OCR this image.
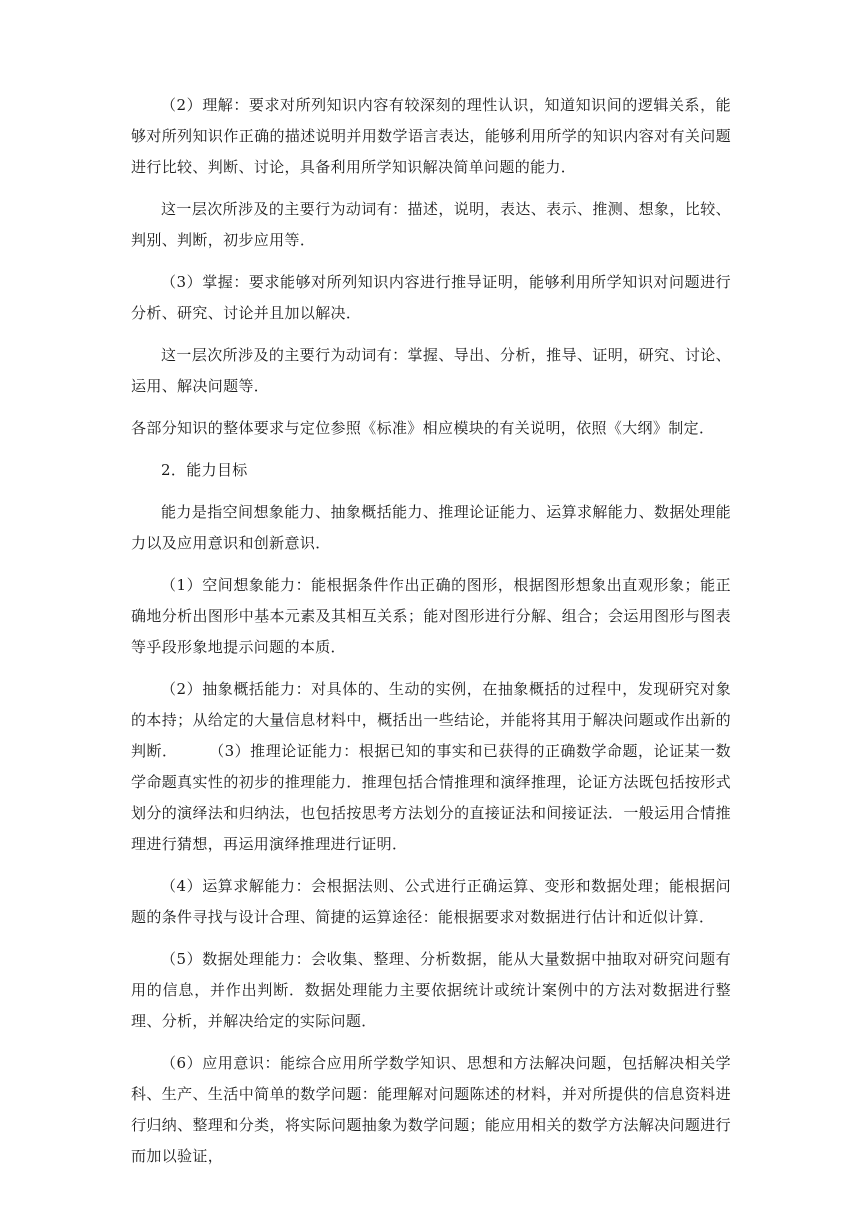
（2）理解：要求对所列知识内容有较深刻的理性认识，知道知识间的逻辑关系，能够对所列知识作正确的描述说明并用数学语言表达，能够利用所学的知识内容对有关问题进行比较、判断、讨论，具备利用所学知识解决简单问题的能力．

这一层次所涉及的主要行为动词有：描述，说明，表达、表示、推测、想象，比较、判别、判断，初步应用等．

（3）掌握：要求能够对所列知识内容进行推导证明，能够利用所学知识对问题进行分析、研究、讨论并且加以解决．

这一层次所涉及的主要行为动词有：掌握、导出、分析，推导、证明，研究、讨论、运用、解决问题等．

各部分知识的整体要求与定位参照《标准》相应模块的有关说明，依照《大纲》制定．

2．能力目标

能力是指空间想象能力、抽象概括能力、推理论证能力、运算求解能力、数据处理能力以及应用意识和创新意识．

（1）空间想象能力：能根据条件作出正确的图形，根据图形想象出直观形象；能正确地分析出图形中基本元素及其相互关系；能对图形进行分解、组合；会运用图形与图表等乎段形象地提示问题的本质．

（2）抽象概括能力：对具体的、生动的实例，在抽象概括的过程中，发现研究对象的本持；从给定的大量信息材料中，概括出一些结论，并能将其用于解决问题或作出新的判断．　　　（3）推理论证能力：根据已知的事实和已获得的正确数学命题，论证某一数学命题真实性的初步的推理能力．推理包括合情推理和演绎推理，论证方法既包括按形式划分的演绎法和归纳法，也包括按思考方法划分的直接证法和间接证法．一般运用合情推理进行猜想，再运用演绎推理进行证明．

（4）运算求解能力：会根据法则、公式进行正确运算、变形和数据处理；能根据问题的条件寻找与设计合理、简捷的运算途径：能根据要求对数据进行估计和近似计算．

（5）数据处理能力：会收集、整理、分析数据，能从大量数据中抽取对研究问题有用的信息，并作出判断．数据处理能力主要依据统计或统计案例中的方法对数据进行整理、分析，并解决给定的实际问题．

（6）应用意识：能综合应用所学数学知识、思想和方法解决问题，包括解决相关学科、生产、生活中简单的数学问题：能理解对问题陈述的材料，并对所提供的信息资料进行归纳、整理和分类，将实际问题抽象为数学问题；能应用相关的数学方法解决问题进行而加以验证，
